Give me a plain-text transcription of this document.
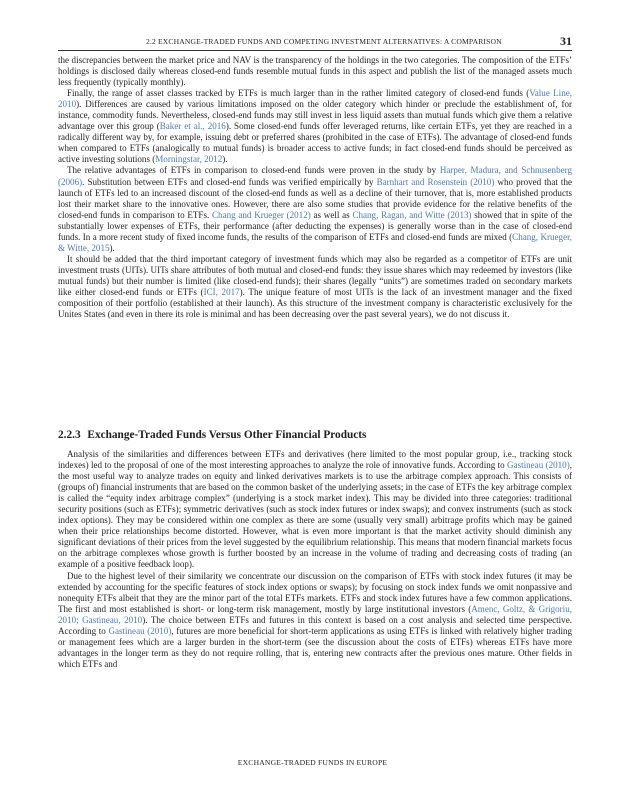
2.2 EXCHANGE-TRADED FUNDS AND COMPETING INVESTMENT ALTERNATIVES: A COMPARISON	31

the discrepancies between the market price and NAV is the transparency of the holdings in the two categories. The composition of the ETFs’ holdings is disclosed daily whereas closed-end funds resemble mutual funds in this aspect and publish the list of the managed assets much less frequently (typically monthly).

Finally, the range of asset classes tracked by ETFs is much larger than in the rather limited category of closed-end funds (Value Line, 2010). Differences are caused by various limitations imposed on the older category which hinder or preclude the establishment of, for instance, commodity funds. Nevertheless, closed-end funds may still invest in less liquid assets than mutual funds which give them a relative advantage over this group (Baker et al., 2016). Some closed-end funds offer leveraged returns, like certain ETFs, yet they are reached in a radically different way by, for example, issuing debt or preferred shares (prohibited in the case of ETFs). The advantage of closed-end funds when compared to ETFs (analogically to mutual funds) is broader access to active funds; in fact closed-end funds should be perceived as active investing solutions (Morningstar, 2012).

The relative advantages of ETFs in comparison to closed-end funds were proven in the study by Harper, Madura, and Schnusenberg (2006). Substitution between ETFs and closed-end funds was verified empirically by Barnhart and Rosenstein (2010) who proved that the launch of ETFs led to an increased discount of the closed-end funds as well as a decline of their turnover, that is, more established products lost their market share to the innovative ones. However, there are also some studies that provide evidence for the relative benefits of the closed-end funds in comparison to ETFs. Chang and Krueger (2012) as well as Chang, Ragan, and Witte (2013) showed that in spite of the substantially lower expenses of ETFs, their performance (after deducting the expenses) is generally worse than in the case of closed-end funds. In a more recent study of fixed income funds, the results of the comparison of ETFs and closed-end funds are mixed (Chang, Krueger, & Witte, 2015).

It should be added that the third important category of investment funds which may also be regarded as a competitor of ETFs are unit investment trusts (UITs). UITs share attributes of both mutual and closed-end funds: they issue shares which may redeemed by investors (like mutual funds) but their number is limited (like closed-end funds); their shares (legally “units”) are sometimes traded on secondary markets like either closed-end funds or ETFs (ICI, 2017). The unique feature of most UITs is the lack of an investment manager and the fixed composition of their portfolio (established at their launch). As this structure of the investment company is characteristic exclusively for the Unites States (and even in there its role is minimal and has been decreasing over the past several years), we do not discuss it.

2.2.3 Exchange-Traded Funds Versus Other Financial Products

Analysis of the similarities and differences between ETFs and derivatives (here limited to the most popular group, i.e., tracking stock indexes) led to the proposal of one of the most interesting approaches to analyze the role of innovative funds. According to Gastineau (2010), the most useful way to analyze trades on equity and linked derivatives markets is to use the arbitrage complex approach. This consists of (groups of) financial instruments that are based on the common basket of the underlying assets; in the case of ETFs the key arbitrage complex is called the “equity index arbitrage complex” (underlying is a stock market index). This may be divided into three categories: traditional security positions (such as ETFs); symmetric derivatives (such as stock index futures or index swaps); and convex instruments (such as stock index options). They may be considered within one complex as there are some (usually very small) arbitrage profits which may be gained when their price relationships become distorted. However, what is even more important is that the market activity should diminish any significant deviations of their prices from the level suggested by the equilibrium relationship. This means that modern financial markets focus on the arbitrage complexes whose growth is further boosted by an increase in the volume of trading and decreasing costs of trading (an example of a positive feedback loop).

Due to the highest level of their similarity we concentrate our discussion on the comparison of ETFs with stock index futures (it may be extended by accounting for the specific features of stock index options or swaps); by focusing on stock index funds we omit nonpassive and nonequity ETFs albeit that they are the minor part of the total ETFs markets. ETFs and stock index futures have a few common applications. The first and most established is short- or long-term risk management, mostly by large institutional investors (Amenc, Goltz, & Grigoriu, 2010; Gastineau, 2010). The choice between ETFs and futures in this context is based on a cost analysis and selected time perspective. According to Gastineau (2010), futures are more beneficial for short-term applications as using ETFs is linked with relatively higher trading or management fees which are a larger burden in the short-term (see the discussion about the costs of ETFs) whereas ETFs have more advantages in the longer term as they do not require rolling, that is, entering new contracts after the previous ones mature. Other fields in which ETFs and

EXCHANGE-TRADED FUNDS IN EUROPE
